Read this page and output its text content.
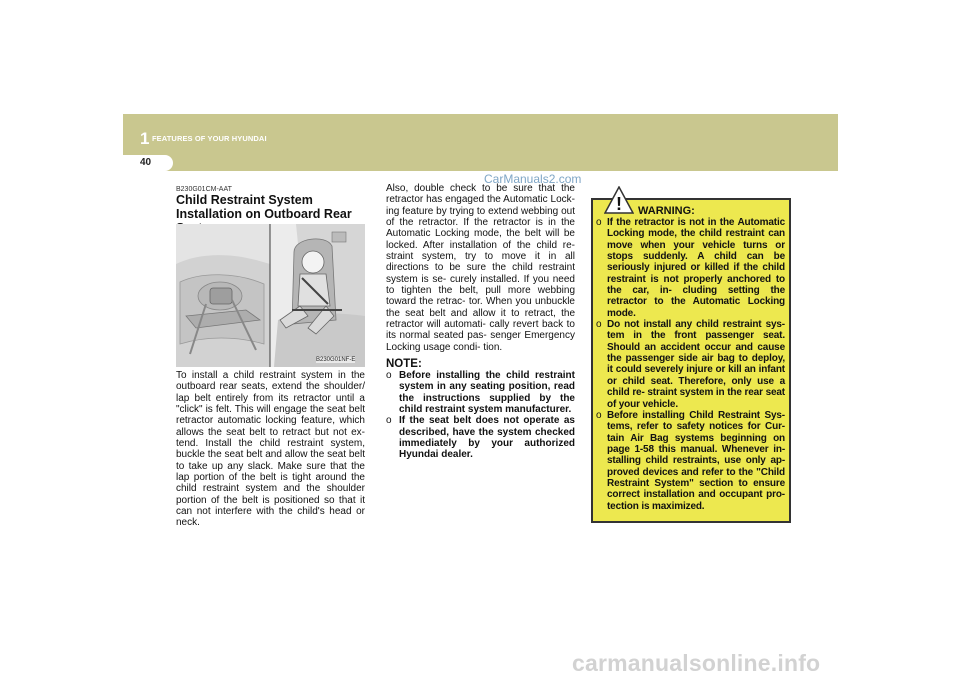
1 FEATURES OF YOUR HYUNDAI
40
CarManuals2.com
B230G01CM-AAT
Child Restraint System Installation on Outboard Rear
B230G01NF-E
To install a child restraint system in the outboard rear seats, extend the shoulder/ lap belt entirely from its retractor until a "click" is felt. This will engage the seat belt retractor automatic locking feature, which allows the seat belt to retract but not ex- tend. Install the child restraint system, buckle the seat belt and allow the seat belt to take up any slack. Make sure that the lap portion of the belt is tight around the child restraint system and the shoulder portion of the belt is positioned so that it can not interfere with the child's head or neck.
Also, double check to be sure that the retractor has engaged the Automatic Lock- ing feature by trying to extend webbing out of the retractor. If the retractor is in the Automatic Locking mode, the belt will be locked. After installation of the child re- straint system, try to move it in all directions to be sure the child restraint system is se- curely installed. If you need to tighten the belt, pull more webbing toward the retrac- tor. When you unbuckle the seat belt and allow it to retract, the retractor will automati- cally revert back to its normal seated pas- senger Emergency Locking usage condi- tion.
NOTE:
o Before installing the child restraint system in any seating position, read the instructions supplied by the child restraint system manufacturer.
o If the seat belt does not operate as described, have the system checked immediately by your authorized Hyundai dealer.
! WARNING:
o If the retractor is not in the Automatic Locking mode, the child restraint can move when your vehicle turns or stops suddenly. A child can be seriously injured or killed if the child restraint is not properly anchored to the car, in- cluding setting the retractor to the Automatic Locking mode.
o Do not install any child restraint sys- tem in the front passenger seat. Should an accident occur and cause the passenger side air bag to deploy, it could severely injure or kill an infant or child seat. Therefore, only use a child re- straint system in the rear seat of your vehicle.
o Before installing Child Restraint Sys- tems, refer to safety notices for Cur- tain Air Bag systems beginning on page 1-58 this manual. Whenever in- stalling child restraints, use only ap- proved devices and refer to the "Child Restraint System" section to ensure correct installation and occupant pro- tection is maximized.
carmanualsonline.info
